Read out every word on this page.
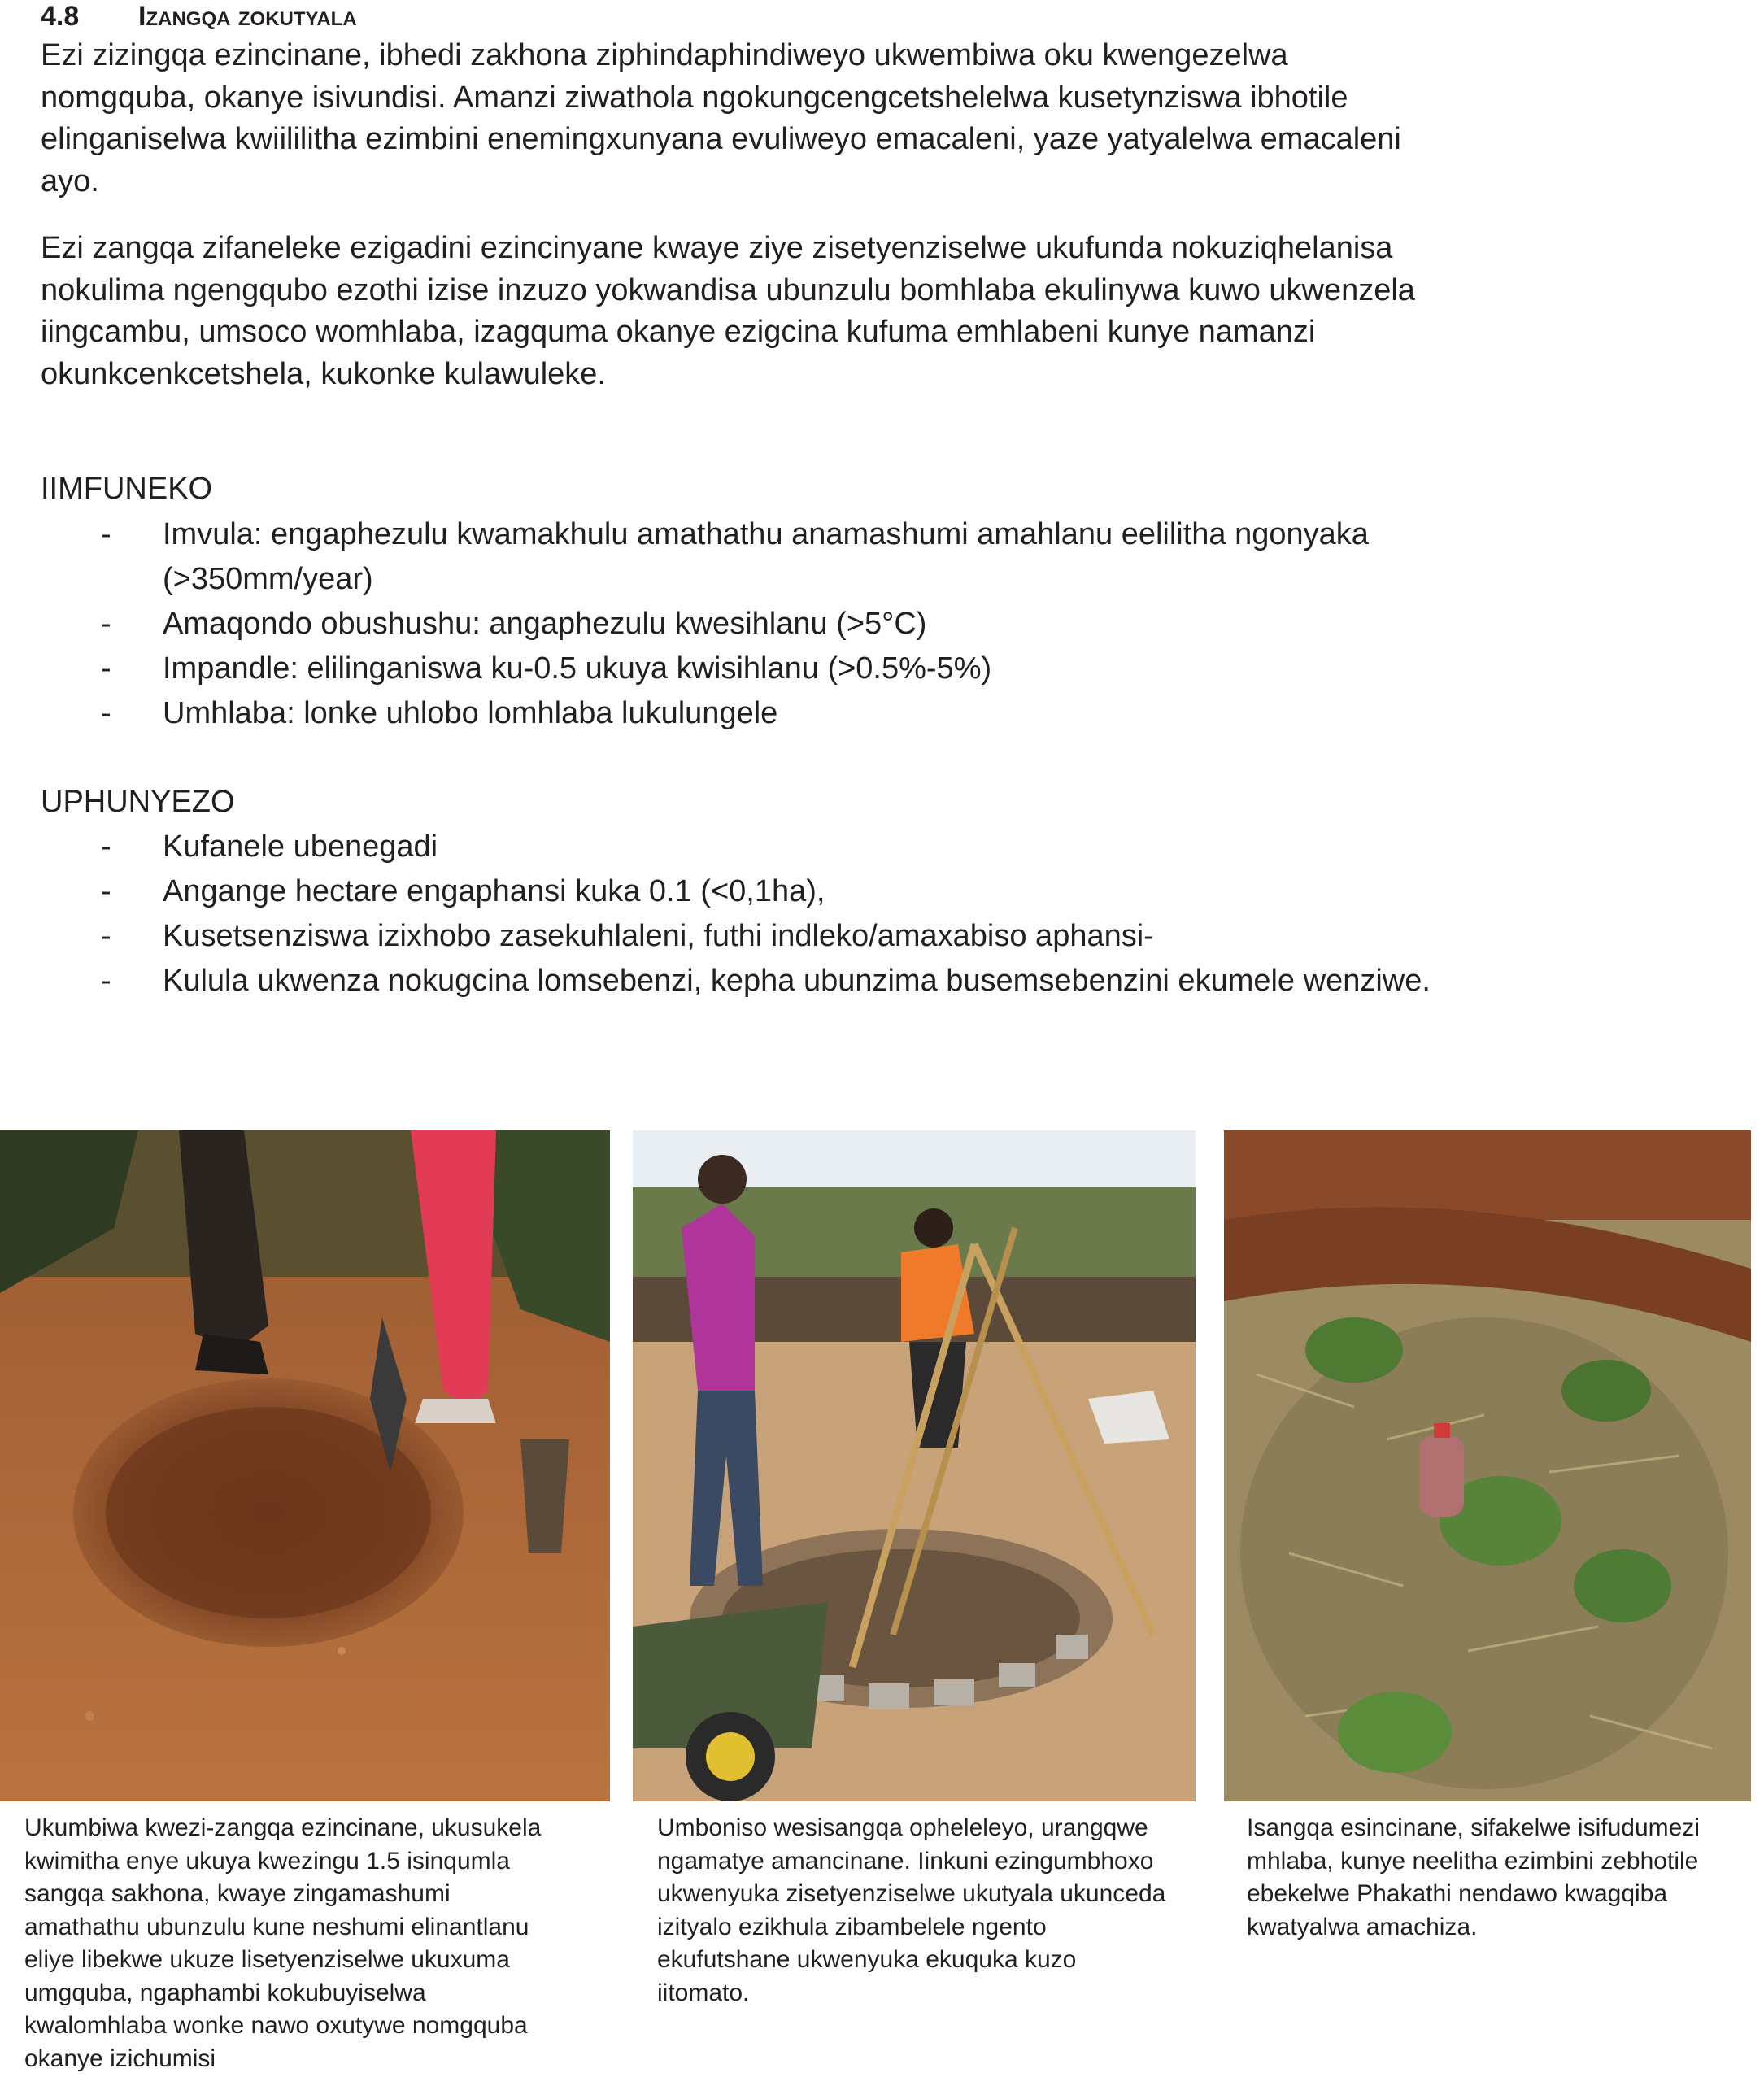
4.8 Izangqa zokutyala

Ezi zizingqa ezincinane, ibhedi zakhona ziphindaphindiweyo ukwembiwa oku kwengezelwa

nomgquba, okanye isivundisi. Amanzi ziwathola ngokungcengcetshelelwa kusetynziswa ibhotile

elinganiselwa kwiililitha ezimbini enemingxunyana evuliweyo emacaleni, yaze yatyalelwa emacaleni

ayo.

Ezi zangqa zifaneleke ezigadini ezincinyane kwaye ziye zisetyenziselwe ukufunda nokuziqhelanisa

nokulima ngengqubo ezothi izise inzuzo yokwandisa ubunzulu bomhlaba ekulinywa kuwo ukwenzela

iingcambu, umsoco womhlaba, izagquma okanye ezigcina kufuma emhlabeni kunye namanzi

okunkcenkcetshela, kukonke kulawuleke.

IIMFUNEKO
- Imvula: engaphezulu kwamakhulu amathathu anamashumi amahlanu eelilitha ngonyaka
(>350mm/year)
- Amaqondo obushushu: angaphezulu kwesihlanu (>5°C)
- Impandle: elilinganiswa ku-0.5 ukuya kwisihlanu (>0.5%-5%)
- Umhlaba: lonke uhlobo lomhlaba lukulungele
UPHUNYEZO
- Kufanele ubenegadi
- Angange hectare engaphansi kuka 0.1 (<0,1ha),
- Kusetsenziswa izixhobo zasekuhlaleni, futhi indleko/amaxabiso aphansi-
- Kulula ukwenza nokugcina lomsebenzi, kepha ubunzima busemsebenzini ekumele wenziwe.

Ukumbiwa kwezi-zangqa ezincinane, ukusukela

kwimitha enye ukuya kwezingu 1.5 isinqumla

sangqa sakhona, kwaye zingamashumi

amathathu ubunzulu kune neshumi elinantlanu

eliye libekwe ukuze lisetyenziselwe ukuxuma

umgquba, ngaphambi kokubuyiselwa

kwalomhlaba wonke nawo oxutywe nomgquba

okanye izichumisi

Umboniso wesisangqa opheleleyo, urangqwe

ngamatye amancinane. Iinkuni ezingumbhoxo

ukwenyuka zisetyenziselwe ukutyala ukunceda

izityalo ezikhula zibambelele ngento

ekufutshane ukwenyuka ekuquka kuzo

iitomato.

Isangqa esincinane, sifakelwe isifudumezi

mhlaba, kunye neelitha ezimbini zebhotile

ebekelwe Phakathi nendawo kwagqiba

kwatyalwa amachiza.
